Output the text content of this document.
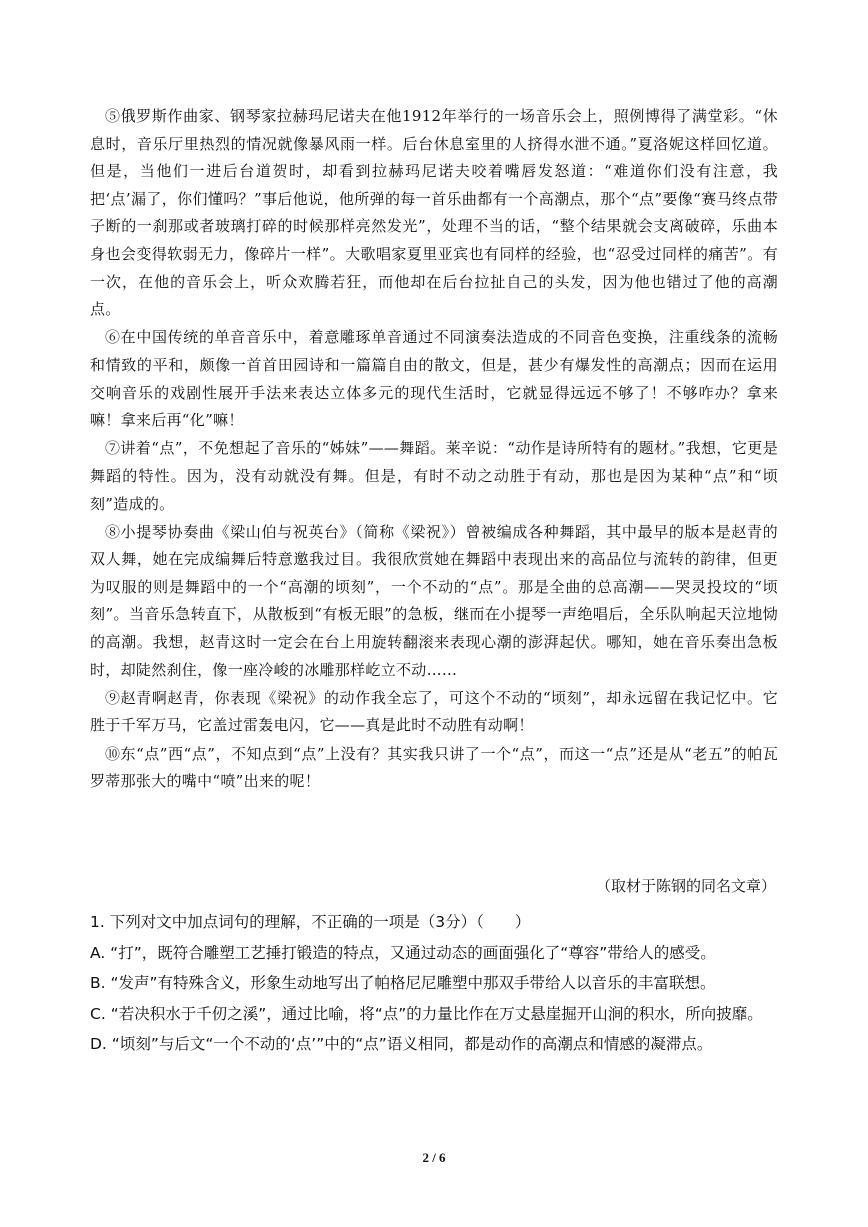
⑤俄罗斯作曲家、钢琴家拉赫玛尼诺夫在他1912年举行的一场音乐会上，照例博得了满堂彩。“休息时，音乐厅里热烈的情况就像暴风雨一样。后台休息室里的人挤得水泄不通。”夏洛妮这样回忆道。但是，当他们一进后台道贺时，却看到拉赫玛尼诺夫咬着嘴唇发怒道：“难道你们没有注意，我把‘点’漏了，你们懂吗？”事后他说，他所弹的每一首乐曲都有一个高潮点，那个“点”要像“赛马终点带子断的一刹那或者玻璃打碎的时候那样亮然发光”，处理不当的话，“整个结果就会支离破碎，乐曲本身也会变得软弱无力，像碎片一样”。大歌唱家夏里亚宾也有同样的经验，也“忍受过同样的痛苦”。有一次，在他的音乐会上，听众欢腾若狂，而他却在后台拉扯自己的头发，因为他也错过了他的高潮点。

⑥在中国传统的单音音乐中，着意雕琢单音通过不同演奏法造成的不同音色变换，注重线条的流畅和情致的平和，颇像一首首田园诗和一篇篇自由的散文，但是，甚少有爆发性的高潮点；因而在运用交响音乐的戏剧性展开手法来表达立体多元的现代生活时，它就显得远远不够了！不够咋办？拿来嘛！拿来后再“化”嘛！

⑦讲着“点”，不免想起了音乐的“姊妹”——舞蹈。莱辛说：“动作是诗所特有的题材。”我想，它更是舞蹈的特性。因为，没有动就没有舞。但是，有时不动之动胜于有动，那也是因为某种“点”和“顷刻”造成的。

⑧小提琴协奏曲《梁山伯与祝英台》（简称《梁祝》）曾被编成各种舞蹈，其中最早的版本是赵青的双人舞，她在完成编舞后特意邀我过目。我很欣赏她在舞蹈中表现出来的高品位与流转的韵律，但更为叹服的则是舞蹈中的一个“高潮的顷刻”，一个不动的“点”。那是全曲的总高潮——哭灵投坟的“顷刻”。当音乐急转直下，从散板到“有板无眼”的急板，继而在小提琴一声绝唱后，全乐队响起天泣地恸的高潮。我想，赵青这时一定会在台上用旋转翻滚来表现心潮的澎湃起伏。哪知，她在音乐奏出急板时，却陡然刹住，像一座冷峻的冰雕那样屹立不动……

⑨赵青啊赵青，你表现《梁祝》的动作我全忘了，可这个不动的“顷刻”，却永远留在我记忆中。它胜于千军万马，它盖过雷轰电闪，它——真是此时不动胜有动啊！

⑩东“点”西“点”，不知点到“点”上没有？其实我只讲了一个“点”，而这一“点”还是从“老五”的帕瓦罗蒂那张大的嘴中“喷”出来的呢！

（取材于陈钢的同名文章）
1. 下列对文中加点词句的理解，不正确的一项是（3分）（　　）
A. “打”，既符合雕塑工艺捶打锻造的特点，又通过动态的画面强化了“尊容”带给人的感受。
B. “发声”有特殊含义，形象生动地写出了帕格尼尼雕塑中那双手带给人以音乐的丰富联想。
C. “若决积水于千仞之溪”，通过比喻，将“点”的力量比作在万丈悬崖掘开山涧的积水，所向披靡。
D. “顷刻”与后文“一个不动的‘点’”中的“点”语义相同，都是动作的高潮点和情感的凝滞点。
2 / 6
